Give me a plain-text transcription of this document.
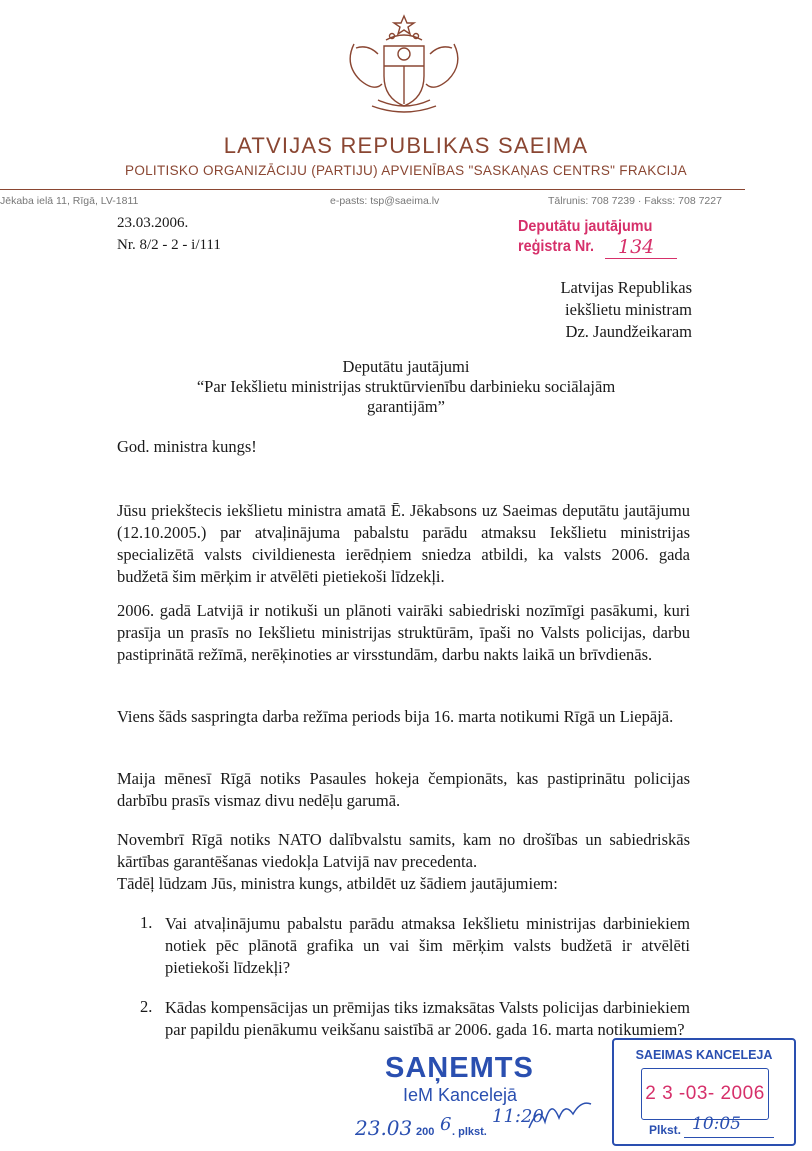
LATVIJAS REPUBLIKAS SAEIMA
POLITISKO ORGANIZĀCIJU (PARTIJU) APVIENĪBAS "SASKAŅAS CENTRS" FRAKCIJA
Jēkaba ielā 11, Rīgā, LV-1811	e-pasts: tsp@saeima.lv	Tālrunis: 708 7239 · Fakss: 708 7227
23.03.2006.
Nr. 8/2 - 2 - i/111
Deputātu jautājumu
reģistra Nr.	134
Latvijas Republikas
iekšlietu ministram
Dz. Jaundžeikaram
Deputātu jautājumi
“Par Iekšlietu ministrijas struktūrvienību darbinieku sociālajām
garantijām”
God. ministra kungs!
Jūsu priekštecis iekšlietu ministra amatā Ē. Jēkabsons uz Saeimas deputātu jautājumu (12.10.2005.) par atvaļinājuma pabalstu parādu atmaksu Iekšlietu ministrijas specializētā valsts civildienesta ierēdņiem sniedza atbildi, ka valsts 2006. gada budžetā šim mērķim ir atvēlēti pietiekoši līdzekļi.
2006. gadā Latvijā ir notikuši un plānoti vairāki sabiedriski nozīmīgi pasākumi, kuri prasīja un prasīs no Iekšlietu ministrijas struktūrām, īpaši no Valsts policijas, darbu pastiprinātā režīmā, nerēķinoties ar virsstundām, darbu nakts laikā un brīvdienās.
Viens šāds saspringta darba režīma periods bija 16. marta notikumi Rīgā un Liepājā.
Maija mēnesī Rīgā notiks Pasaules hokeja čempionāts, kas pastiprinātu policijas darbību prasīs vismaz divu nedēļu garumā.
Novembrī Rīgā notiks NATO dalībvalstu samits, kam no drošības un sabiedriskās kārtības garantēšanas viedokļa Latvijā nav precedenta.
Tādēļ lūdzam Jūs, ministra kungs, atbildēt uz šādiem jautājumiem:
1. Vai atvaļinājumu pabalstu parādu atmaksa Iekšlietu ministrijas darbiniekiem notiek pēc plānotā grafika un vai šim mērķim valsts budžetā ir atvēlēti pietiekoši līdzekļi?
2. Kādas kompensācijas un prēmijas tiks izmaksātas Valsts policijas darbiniekiem par papildu pienākumu veikšanu saistībā ar 2006. gada 16. marta notikumiem?
SAŅEMTS
IeM Kancelejā
23.03 200 6 . plkst.
11:20
SAEIMAS KANCELEJA
2 3 -03- 2006
Plkst. 10:05
